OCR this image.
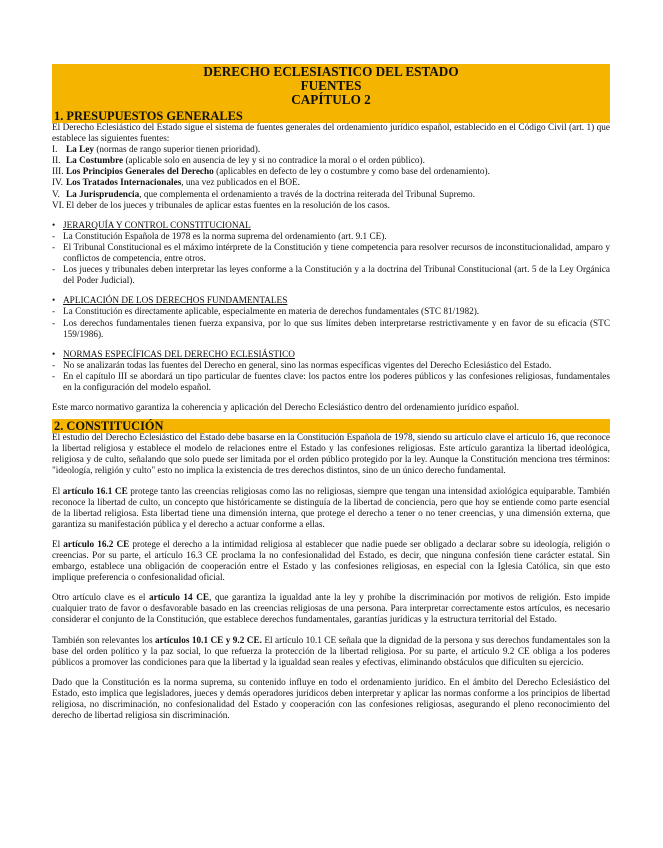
DERECHO ECLESIASTICO DEL ESTADO
FUENTES
CAPÍTULO 2
1. PRESUPUESTOS GENERALES

El Derecho Eclesiástico del Estado sigue el sistema de fuentes generales del ordenamiento jurídico español, establecido en el Código Civil (art. 1) que establece las siguientes fuentes:

I. La Ley (normas de rango superior tienen prioridad).
II. La Costumbre (aplicable solo en ausencia de ley y si no contradice la moral o el orden público).
III. Los Principios Generales del Derecho (aplicables en defecto de ley o costumbre y como base del ordenamiento).
IV. Los Tratados Internacionales, una vez publicados en el BOE.
V. La Jurisprudencia, que complementa el ordenamiento a través de la doctrina reiterada del Tribunal Supremo.
VI. El deber de los jueces y tribunales de aplicar estas fuentes en la resolución de los casos.
• JERARQUÍA Y CONTROL CONSTITUCIONAL
- La Constitución Española de 1978 es la norma suprema del ordenamiento (art. 9.1 CE).
- El Tribunal Constitucional es el máximo intérprete de la Constitución y tiene competencia para resolver recursos de inconstitucionalidad, amparo y conflictos de competencia, entre otros.
- Los jueces y tribunales deben interpretar las leyes conforme a la Constitución y a la doctrina del Tribunal Constitucional (art. 5 de la Ley Orgánica del Poder Judicial).
• APLICACIÓN DE LOS DERECHOS FUNDAMENTALES
- La Constitución es directamente aplicable, especialmente en materia de derechos fundamentales (STC 81/1982).
- Los derechos fundamentales tienen fuerza expansiva, por lo que sus límites deben interpretarse restrictivamente y en favor de su eficacia (STC 159/1986).
• NORMAS ESPECÍFICAS DEL DERECHO ECLESIÁSTICO
- No se analizarán todas las fuentes del Derecho en general, sino las normas específicas vigentes del Derecho Eclesiástico del Estado.
- En el capítulo III se abordará un tipo particular de fuentes clave: los pactos entre los poderes públicos y las confesiones religiosas, fundamentales en la configuración del modelo español.

Este marco normativo garantiza la coherencia y aplicación del Derecho Eclesiástico dentro del ordenamiento jurídico español.

2. CONSTITUCIÓN

El estudio del Derecho Eclesiástico del Estado debe basarse en la Constitución Española de 1978, siendo su artículo clave el artículo 16, que reconoce la libertad religiosa y establece el modelo de relaciones entre el Estado y las confesiones religiosas. Este artículo garantiza la libertad ideológica, religiosa y de culto, señalando que solo puede ser limitada por el orden público protegido por la ley. Aunque la Constitución menciona tres términos: "ideología, religión y culto" esto no implica la existencia de tres derechos distintos, sino de un único derecho fundamental.

El artículo 16.1 CE protege tanto las creencias religiosas como las no religiosas, siempre que tengan una intensidad axiológica equiparable. También reconoce la libertad de culto, un concepto que históricamente se distinguía de la libertad de conciencia, pero que hoy se entiende como parte esencial de la libertad religiosa. Esta libertad tiene una dimensión interna, que protege el derecho a tener o no tener creencias, y una dimensión externa, que garantiza su manifestación pública y el derecho a actuar conforme a ellas.

El artículo 16.2 CE protege el derecho a la intimidad religiosa al establecer que nadie puede ser obligado a declarar sobre su ideología, religión o creencias. Por su parte, el artículo 16.3 CE proclama la no confesionalidad del Estado, es decir, que ninguna confesión tiene carácter estatal. Sin embargo, establece una obligación de cooperación entre el Estado y las confesiones religiosas, en especial con la Iglesia Católica, sin que esto implique preferencia o confesionalidad oficial.

Otro artículo clave es el artículo 14 CE, que garantiza la igualdad ante la ley y prohíbe la discriminación por motivos de religión. Esto impide cualquier trato de favor o desfavorable basado en las creencias religiosas de una persona. Para interpretar correctamente estos artículos, es necesario considerar el conjunto de la Constitución, que establece derechos fundamentales, garantías jurídicas y la estructura territorial del Estado.

También son relevantes los artículos 10.1 CE y 9.2 CE. El artículo 10.1 CE señala que la dignidad de la persona y sus derechos fundamentales son la base del orden político y la paz social, lo que refuerza la protección de la libertad religiosa. Por su parte, el artículo 9.2 CE obliga a los poderes públicos a promover las condiciones para que la libertad y la igualdad sean reales y efectivas, eliminando obstáculos que dificulten su ejercicio.

Dado que la Constitución es la norma suprema, su contenido influye en todo el ordenamiento jurídico. En el ámbito del Derecho Eclesiástico del Estado, esto implica que legisladores, jueces y demás operadores jurídicos deben interpretar y aplicar las normas conforme a los principios de libertad religiosa, no discriminación, no confesionalidad del Estado y cooperación con las confesiones religiosas, asegurando el pleno reconocimiento del derecho de libertad religiosa sin discriminación.
